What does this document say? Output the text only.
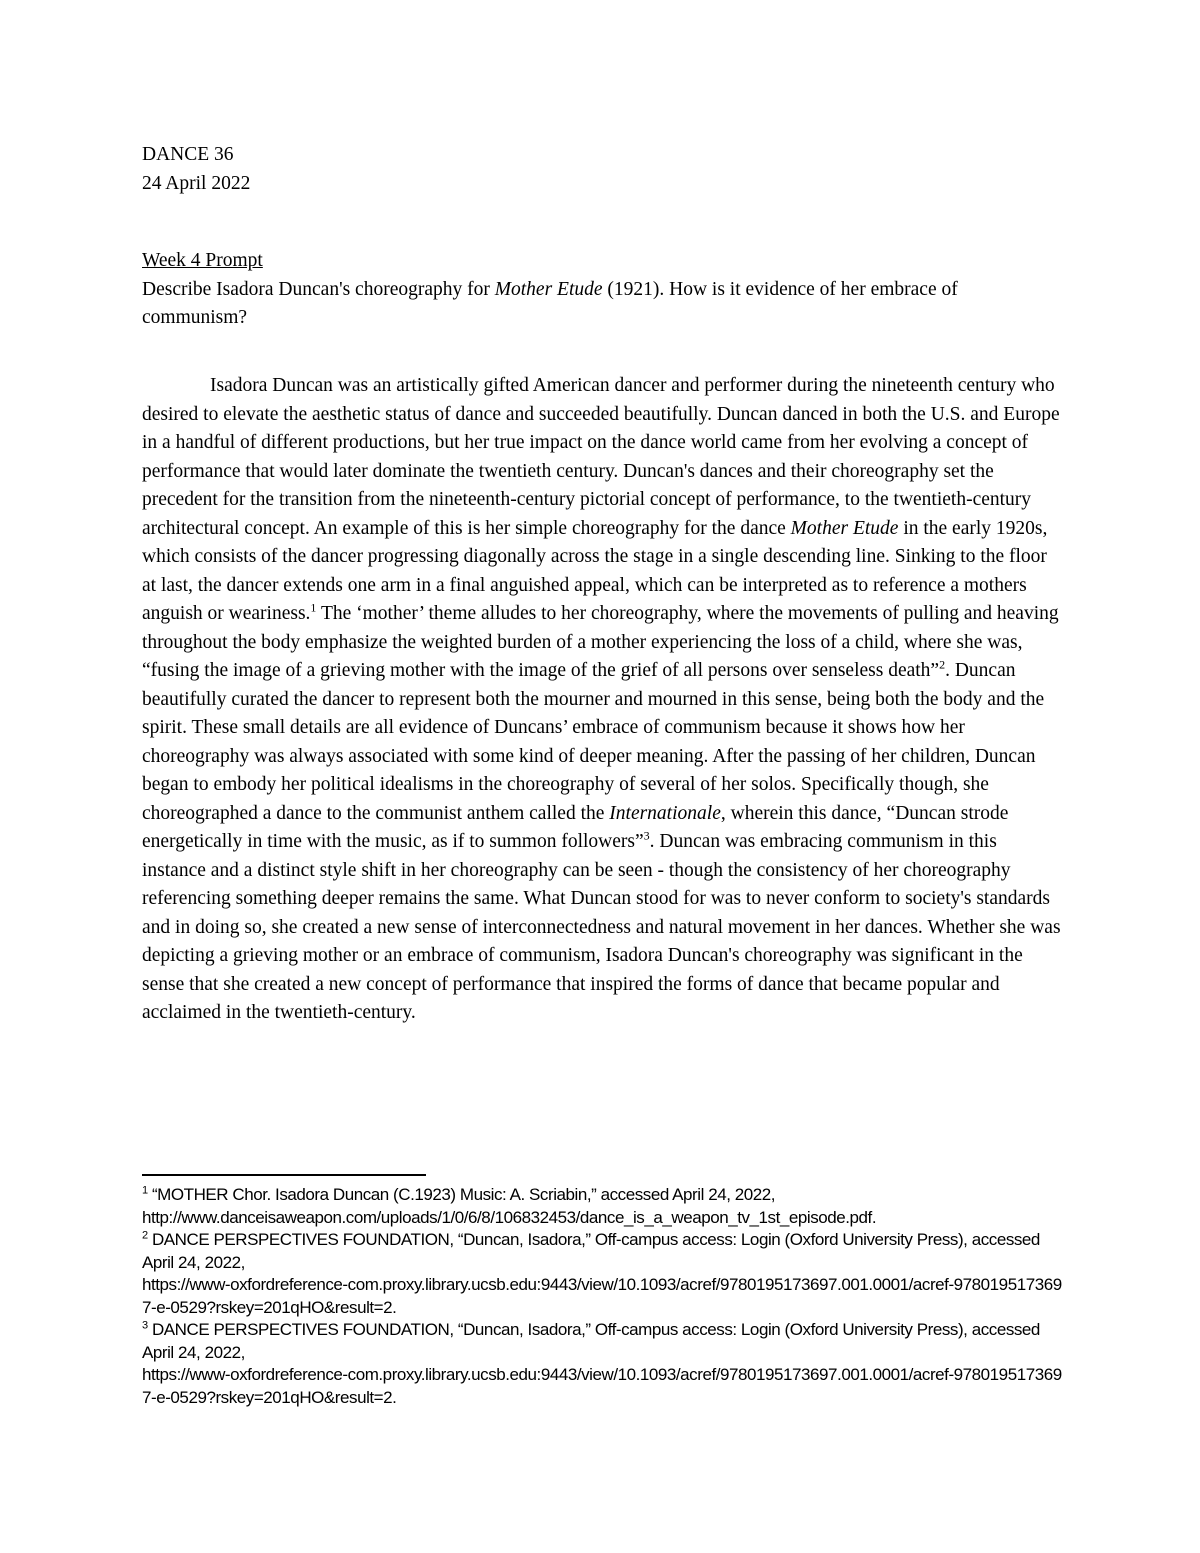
DANCE 36
24 April 2022
Week 4 Prompt
Describe Isadora Duncan's choreography for Mother Etude (1921). How is it evidence of her embrace of communism?
Isadora Duncan was an artistically gifted American dancer and performer during the nineteenth century who desired to elevate the aesthetic status of dance and succeeded beautifully. Duncan danced in both the U.S. and Europe in a handful of different productions, but her true impact on the dance world came from her evolving a concept of performance that would later dominate the twentieth century. Duncan's dances and their choreography set the precedent for the transition from the nineteenth-century pictorial concept of performance, to the twentieth-century architectural concept. An example of this is her simple choreography for the dance Mother Etude in the early 1920s, which consists of the dancer progressing diagonally across the stage in a single descending line. Sinking to the floor at last, the dancer extends one arm in a final anguished appeal, which can be interpreted as to reference a mothers anguish or weariness.$^1$ The ‘mother’ theme alludes to her choreography, where the movements of pulling and heaving throughout the body emphasize the weighted burden of a mother experiencing the loss of a child, where she was, “fusing the image of a grieving mother with the image of the grief of all persons over senseless death”$^2$. Duncan beautifully curated the dancer to represent both the mourner and mourned in this sense, being both the body and the spirit. These small details are all evidence of Duncans’ embrace of communism because it shows how her choreography was always associated with some kind of deeper meaning. After the passing of her children, Duncan began to embody her political idealisms in the choreography of several of her solos. Specifically though, she choreographed a dance to the communist anthem called the Internationale, wherein this dance, “Duncan strode energetically in time with the music, as if to summon followers”$^3$. Duncan was embracing communism in this instance and a distinct style shift in her choreography can be seen - though the consistency of her choreography referencing something deeper remains the same. What Duncan stood for was to never conform to society's standards and in doing so, she created a new sense of interconnectedness and natural movement in her dances. Whether she was depicting a grieving mother or an embrace of communism, Isadora Duncan's choreography was significant in the sense that she created a new concept of performance that inspired the forms of dance that became popular and acclaimed in the twentieth-century.

$^1$ “MOTHER Chor. Isadora Duncan (C.1923) Music: A. Scriabin,” accessed April 24, 2022,
http://www.danceisaweapon.com/uploads/1/0/6/8/106832453/dance_is_a_weapon_tv_1st_episode.pdf.

$^2$ DANCE PERSPECTIVES FOUNDATION, “Duncan, Isadora,” Off-campus access: Login (Oxford University Press), accessed April 24, 2022,
https://www-oxfordreference-com.proxy.library.ucsb.edu:9443/view/10.1093/acref/9780195173697.001.0001/acref-9780195173697-e-0529?rskey=201qHO&result=2.

$^3$ DANCE PERSPECTIVES FOUNDATION, “Duncan, Isadora,” Off-campus access: Login (Oxford University Press), accessed April 24, 2022,
https://www-oxfordreference-com.proxy.library.ucsb.edu:9443/view/10.1093/acref/9780195173697.001.0001/acref-9780195173697-e-0529?rskey=201qHO&result=2.
